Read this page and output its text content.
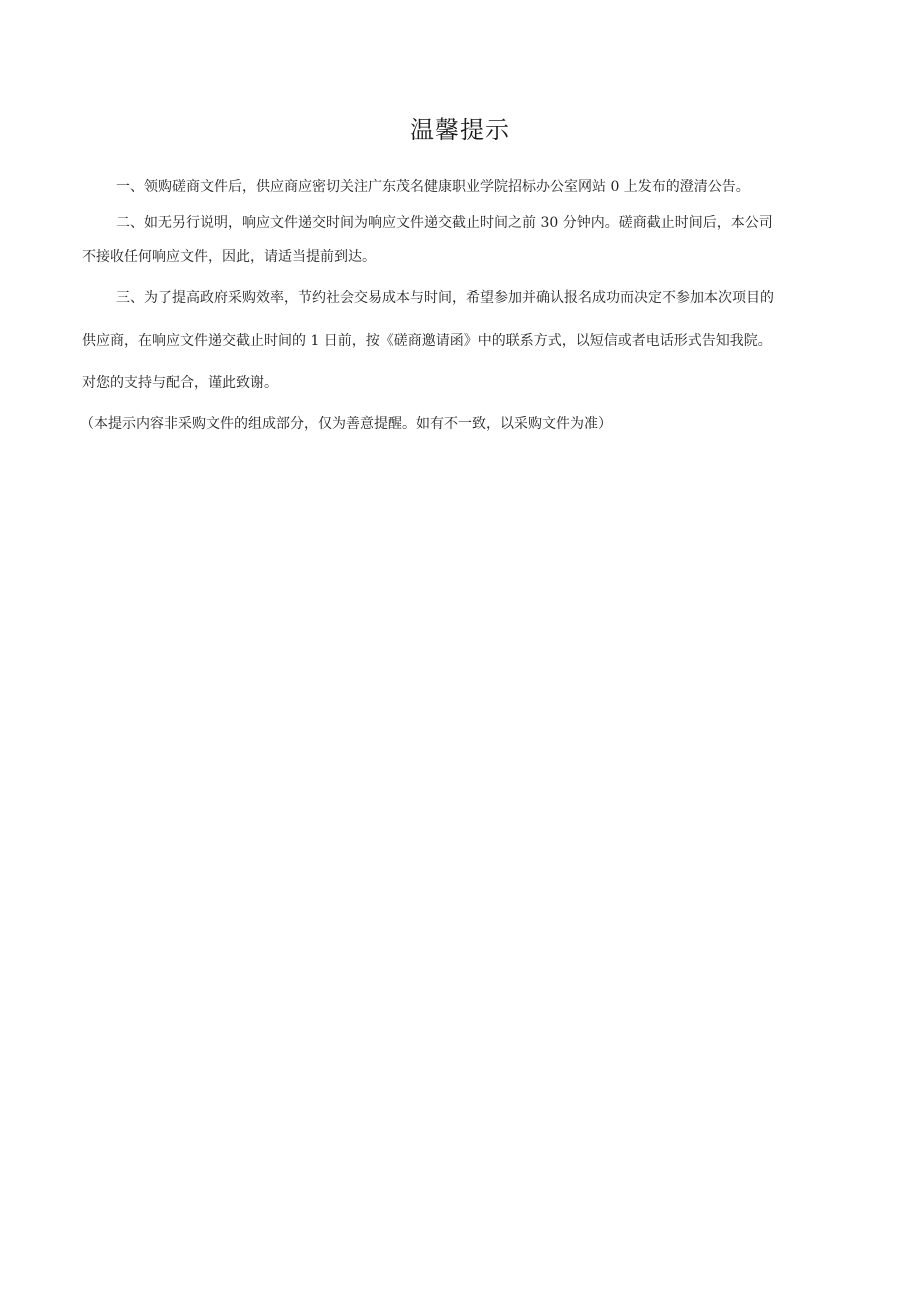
温馨提示
一、领购磋商文件后，供应商应密切关注广东茂名健康职业学院招标办公室网站 0 上发布的澄清公告。
二、如无另行说明，响应文件递交时间为响应文件递交截止时间之前 30 分钟内。磋商截止时间后，本公司
不接收任何响应文件，因此，请适当提前到达。
三、为了提高政府采购效率，节约社会交易成本与时间，希望参加并确认报名成功而决定不参加本次项目的
供应商，在响应文件递交截止时间的 1 日前，按《磋商邀请函》中的联系方式，以短信或者电话形式告知我院。
对您的支持与配合，谨此致谢。
（本提示内容非采购文件的组成部分，仅为善意提醒。如有不一致，以采购文件为准）
